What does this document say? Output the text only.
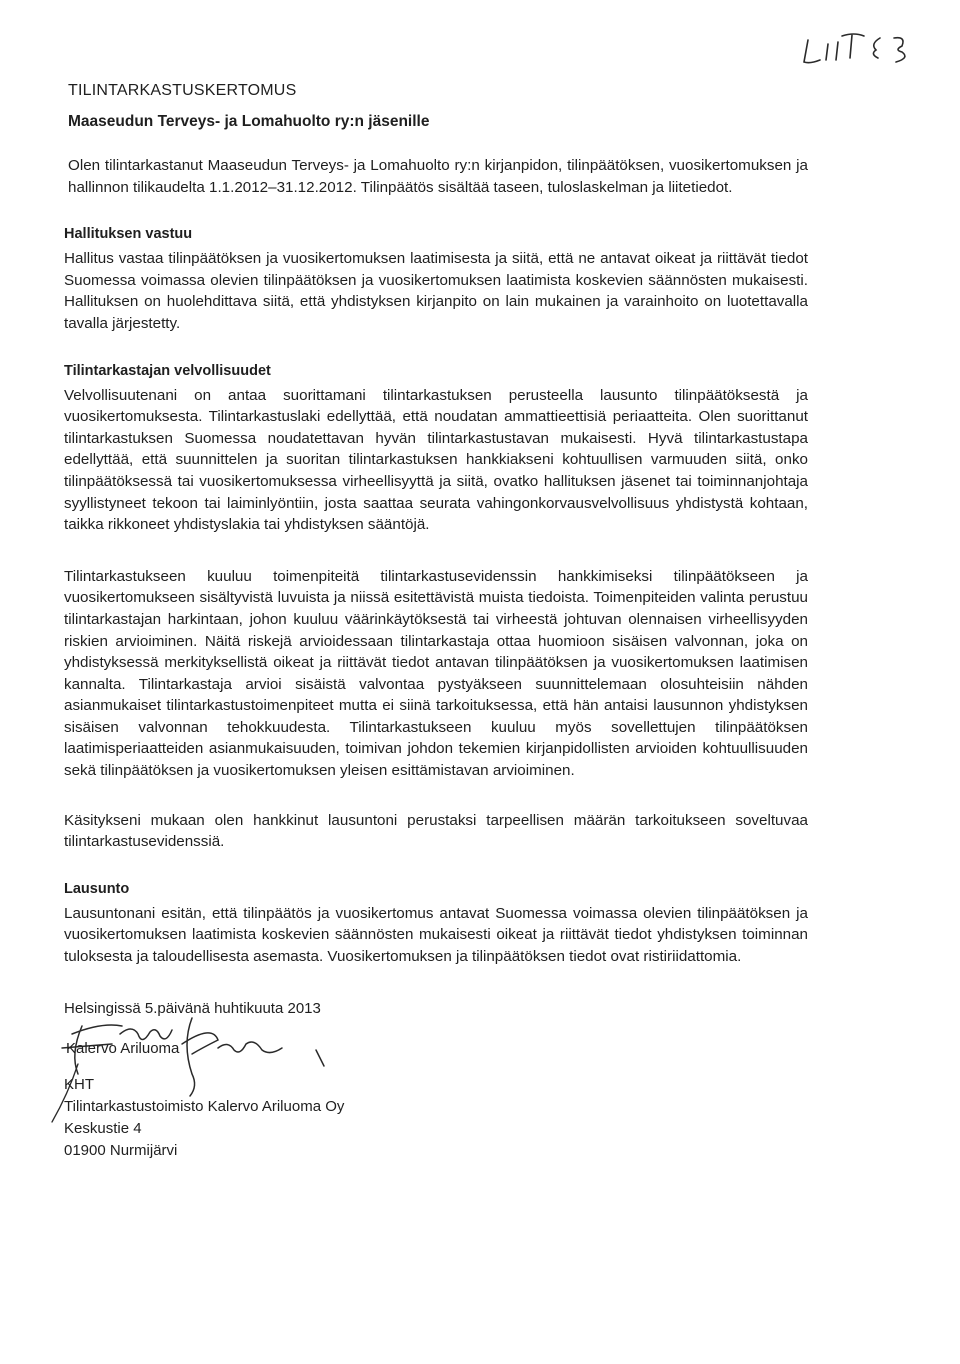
TILINTARKASTUSKERTOMUS
Maaseudun Terveys- ja Lomahuolto ry:n jäsenille

Olen tilintarkastanut Maaseudun Terveys- ja Lomahuolto ry:n kirjanpidon, tilinpäätöksen, vuosikertomuksen ja hallinnon tilikaudelta 1.1.2012–31.12.2012. Tilinpäätös sisältää taseen, tuloslaskelman ja liitetiedot.

Hallituksen vastuu

Hallitus vastaa tilinpäätöksen ja vuosikertomuksen laatimisesta ja siitä, että ne antavat oikeat ja riittävät tiedot Suomessa voimassa olevien tilinpäätöksen ja vuosikertomuksen laatimista koskevien säännösten mukaisesti. Hallituksen on huolehdittava siitä, että yhdistyksen kirjanpito on lain mukainen ja varainhoito on luotettavalla tavalla järjestetty.

Tilintarkastajan velvollisuudet

Velvollisuutenani on antaa suorittamani tilintarkastuksen perusteella lausunto tilinpäätöksestä ja vuosikertomuksesta. Tilintarkastuslaki edellyttää, että noudatan ammattieettisiä periaatteita. Olen suorittanut tilintarkastuksen Suomessa noudatettavan hyvän tilintarkastustavan mukaisesti. Hyvä tilintarkastustapa edellyttää, että suunnittelen ja suoritan tilintarkastuksen hankkiakseni kohtuullisen varmuuden siitä, onko tilinpäätöksessä tai vuosikertomuksessa virheellisyyttä ja siitä, ovatko hallituksen jäsenet tai toiminnanjohtaja syyllistyneet tekoon tai laiminlyöntiin, josta saattaa seurata vahingonkorvausvelvollisuus yhdistystä kohtaan, taikka rikkoneet yhdistyslakia tai yhdistyksen sääntöjä.

Tilintarkastukseen kuuluu toimenpiteitä tilintarkastusevidenssin hankkimiseksi tilinpäätökseen ja vuosikertomukseen sisältyvistä luvuista ja niissä esitettävistä muista tiedoista. Toimenpiteiden valinta perustuu tilintarkastajan harkintaan, johon kuuluu väärinkäytöksestä tai virheestä johtuvan olennaisen virheellisyyden riskien arvioiminen. Näitä riskejä arvioidessaan tilintarkastaja ottaa huomioon sisäisen valvonnan, joka on yhdistyksessä merkityksellistä oikeat ja riittävät tiedot antavan tilinpäätöksen ja vuosikertomuksen laatimisen kannalta. Tilintarkastaja arvioi sisäistä valvontaa pystyäkseen suunnittelemaan olosuhteisiin nähden asianmukaiset tilintarkastustoimenpiteet mutta ei siinä tarkoituksessa, että hän antaisi lausunnon yhdistyksen sisäisen valvonnan tehokkuudesta. Tilintarkastukseen kuuluu myös sovellettujen tilinpäätöksen laatimisperiaatteiden asianmukaisuuden, toimivan johdon tekemien kirjanpidollisten arvioiden kohtuullisuuden sekä tilinpäätöksen ja vuosikertomuksen yleisen esittämistavan arvioiminen.

Käsitykseni mukaan olen hankkinut lausuntoni perustaksi tarpeellisen määrän tarkoitukseen soveltuvaa tilintarkastusevidenssiä.

Lausunto

Lausuntonani esitän, että tilinpäätös ja vuosikertomus antavat Suomessa voimassa olevien tilinpäätöksen ja vuosikertomuksen laatimista koskevien säännösten mukaisesti oikeat ja riittävät tiedot yhdistyksen toiminnan tuloksesta ja taloudellisesta asemasta. Vuosikertomuksen ja tilinpäätöksen tiedot ovat ristiriidattomia.

Helsingissä 5.päivänä huhtikuuta 2013
Kalervo Ariluoma

KHT

Tilintarkastustoimisto Kalervo Ariluoma Oy

Keskustie 4

01900 Nurmijärvi
